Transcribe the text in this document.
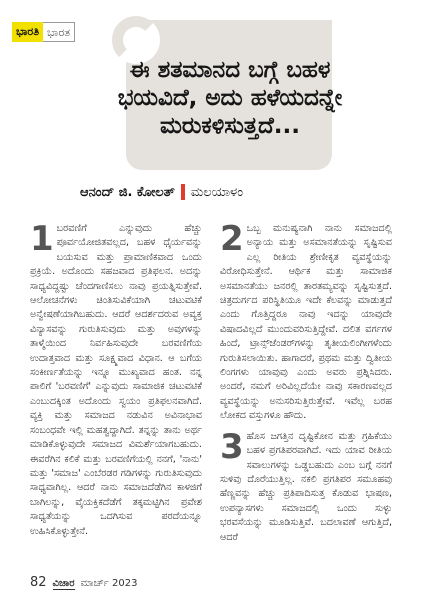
ಭಾರತಿ ಭಾರತ
ಈ ಶತಮಾನದ ಬಗ್ಗೆ ಬಹಳ ಭಯವಿದೆ, ಅದು ಹಳೆಯದನ್ನೇ ಮರುಕಳಿಸುತ್ತದೆ...
ಆನಂದ್ ಜಿ. ಕೋಲತ್ ಮಲಯಾಳಂ

1 ಬರವಣಿಗೆ ಎನ್ನುವುದು ಹೆಚ್ಚು ಪೂರ್ವಯೋಜಿತವಲ್ಲದ, ಬಹಳ ಧೈರ್ಯವನ್ನು ಬಯಸುವ ಮತ್ತು ಪ್ರಾಮಾಣಿಕವಾದ ಒಂದು ಪ್ರಕ್ರಿಯೆ. ಅದೊಂದು ಸಹಜವಾದ ಪ್ರತಿಫಲನ. ಅದನ್ನು ಸಾಧ್ಯವಿದ್ದಷ್ಟು ಚೆಂದಗಾಣಿಸಲು ನಾವು ಪ್ರಯತ್ನಿಸುತ್ತೇವೆ. ಆಲೋಚನೆಗಳು ಚಿಂತಿಸುವಿಕೆಯಾಗಿ ಚಟುವಟಿಕೆ ಅನ್ವೇಷಣೆಯಾಗಿಬಹುದು. ಆದರೆ ಆದರ್ಶದರುವ ಅವ್ಯಕ್ತ ವಿನ್ಯಾಸವನ್ನು ಗುರುತಿಸುವುದು ಮತ್ತು ಅವುಗಳನ್ನು ತಾಳ್ಮೆಯಿಂದ ನಿರ್ವಹಿಸುವುದೇ ಬರವಣಿಗೆಯ ಉದಾತ್ತವಾದ ಮತ್ತು ಸೂಕ್ಷ್ಮವಾದ ವಿಧಾನ. ಆ ಬಗೆಯ ಸಂಕೀರ್ಣತೆಯನ್ನು ಇನ್ನೂ ಮುಖ್ಯವಾದ ಹಂತ. ನನ್ನ ಪಾಲಿಗೆ 'ಬರವಣಿಗೆ' ಎನ್ನುವುದು ಸಾಮಾಜಿಕ ಚಟುವಟಿಕೆ ಎಂಬುದಕ್ಕಿಂತ ಅದೊಂದು ಸ್ವಯಂ ಪ್ರತಿಫಲನವಾಗಿದೆ. ವ್ಯಕ್ತಿ ಮತ್ತು ಸಮಾಜದ ನಡುವಿನ ಅವಿನಾಭಾವ ಸಂಬಂಧವೇ ಇಲ್ಲಿ ಮಹತ್ವದ್ದಾಗಿದೆ. ತನ್ನನ್ನು ತಾನು ಅರ್ಥ ಮಾಡಿಕೊಳ್ಳುವುದೇ ಸಮಾಜದ ವಿಮರ್ಶೆಯಾಗಬಹುದು. ಈವರೆಗಿನ ಕಲಿಕೆ ಮತ್ತು ಬರವಣಿಗೆಯಲ್ಲಿ ನನಗೆ, 'ನಾನು' ಮತ್ತು 'ಸಮಾಜ' ಎಂಬೆರಡರ ಗಡಿಗಳನ್ನು ಗುರುತಿಸುವುದು ಸಾಧ್ಯವಾಗಿಲ್ಲ. ಆದರೆ ನಾನು ಸಮಾಜದೆಡೆಗಿನ ಕಾಳಜಿಗೆ ಬಾಗಿಲನ್ನು, ವೈಯಕ್ತಿಕದೆಡೆಗೆ ತಕ್ಕಮಟ್ಟಿಗಿನ ಪ್ರವೇಶ ಸಾಧ್ಯತೆಯನ್ನು ಒದಗಿಸುವ ಪರದೆಯನ್ನೂ ಉಹಿಸಿಕೊಳ್ಳುತ್ತೇನೆ.

2 ಒಬ್ಬ ಮನುಷ್ಯನಾಗಿ ನಾನು ಸಮಾಜದಲ್ಲಿ ಅನ್ಯಾಯ ಮತ್ತು ಅಸಮಾನತೆಯನ್ನು ಸೃಷ್ಟಿಸುವ ಎಲ್ಲ ರೀತಿಯ ಶ್ರೇಣೀಕೃತ ವ್ಯವಸ್ಥೆಯನ್ನು ವಿರೋಧಿಸುತ್ತೇನೆ. ಆರ್ಥಿಕ ಮತ್ತು ಸಾಮಾಜಿಕ ಅಸಮಾನತೆಯು ಜನರಲ್ಲಿ ತಾರತಮ್ಯವನ್ನು ಸೃಷ್ಟಿಸುತ್ತದೆ. ಚಿತ್ರದುರ್ಗದ ಪರಿಸ್ಥಿತಿಯೂ ಇದೇ ಕೆಲವನ್ನು ಮಾಡುತ್ತದೆ ಎಂದು ಗೊತ್ತಿದ್ದರೂ ನಾವು ಇದನ್ನು ಯಾವುದೇ ವಿಷಾದವಿಲ್ಲದೆ ಮುಂದುವರಿಸುತ್ತಿದ್ದೇವೆ. ದಲಿತ ವರ್ಗಗಳ ಹಿಂದೆ, ಟ್ರಾನ್ಸ್‌ಜೆಂಡರ್‌ಗಳನ್ನು ತೃತೀಯಲಿಂಗೀಗಳೆಂದು ಗುರುತಿಸಲಾಯಿತು. ಹಾಗಾದರೆ, ಪ್ರಥಮ ಮತ್ತು ದ್ವಿತೀಯ ಲಿಂಗಗಳು ಯಾವುವು ಎಂದು ಅವರು ಪ್ರಶ್ನಿಸಿದರು. ಅಂದರೆ, ನಮಗೆ ಅರಿವಿಲ್ಲದೆಯೇ ನಾವು ಸಕಾರಣವಲ್ಲದ ವ್ಯವಸ್ಥೆಯನ್ನು ಅನುಸರಿಸುತ್ತಿರುತ್ತೇವೆ. ಇವೆಲ್ಲ ಬರಹ ಲೋಕದ ವಸ್ತುಗಳೂ ಹೌದು.

3 ಹೊಸ ಜಗತ್ತಿನ ದೃಷ್ಟಿಕೋನ ಮತ್ತು ಗ್ರಹಿಕೆಯು ಬಹಳ ಪ್ರಗತಿಪರವಾಗಿದೆ. ಇದು ಯಾವ ರೀತಿಯ ಸವಾಲುಗಳನ್ನು ಒಡ್ಡಬಹುದು ಎಂಬ ಬಗ್ಗೆ ನನಗೆ ಸುಳಿವು ದೊರೆಯುತ್ತಿಲ್ಲ. ನಕಲಿ ಪ್ರಗತಿಪರ ಸಮೂಹವು ಹೆಣ್ಣವನ್ನು ಹೆಚ್ಚು ಪ್ರತಿಪಾದಿಸುತ್ತ ಕೊಡುವ ಭಾಷಣ, ಉಪನ್ಯಾಸಗಳು ಸಮಾಜದಲ್ಲಿ ಒಂದು ಸುಳ್ಳು ಭರವಸೆಯನ್ನು ಮೂಡಿಸುತ್ತಿವೆ. ಬದಲಾವಣೆ ಆಗುತ್ತಿದೆ, ಆದರೆ

82 ವಿಜಾರ ಮಾರ್ಚ್ 2023
